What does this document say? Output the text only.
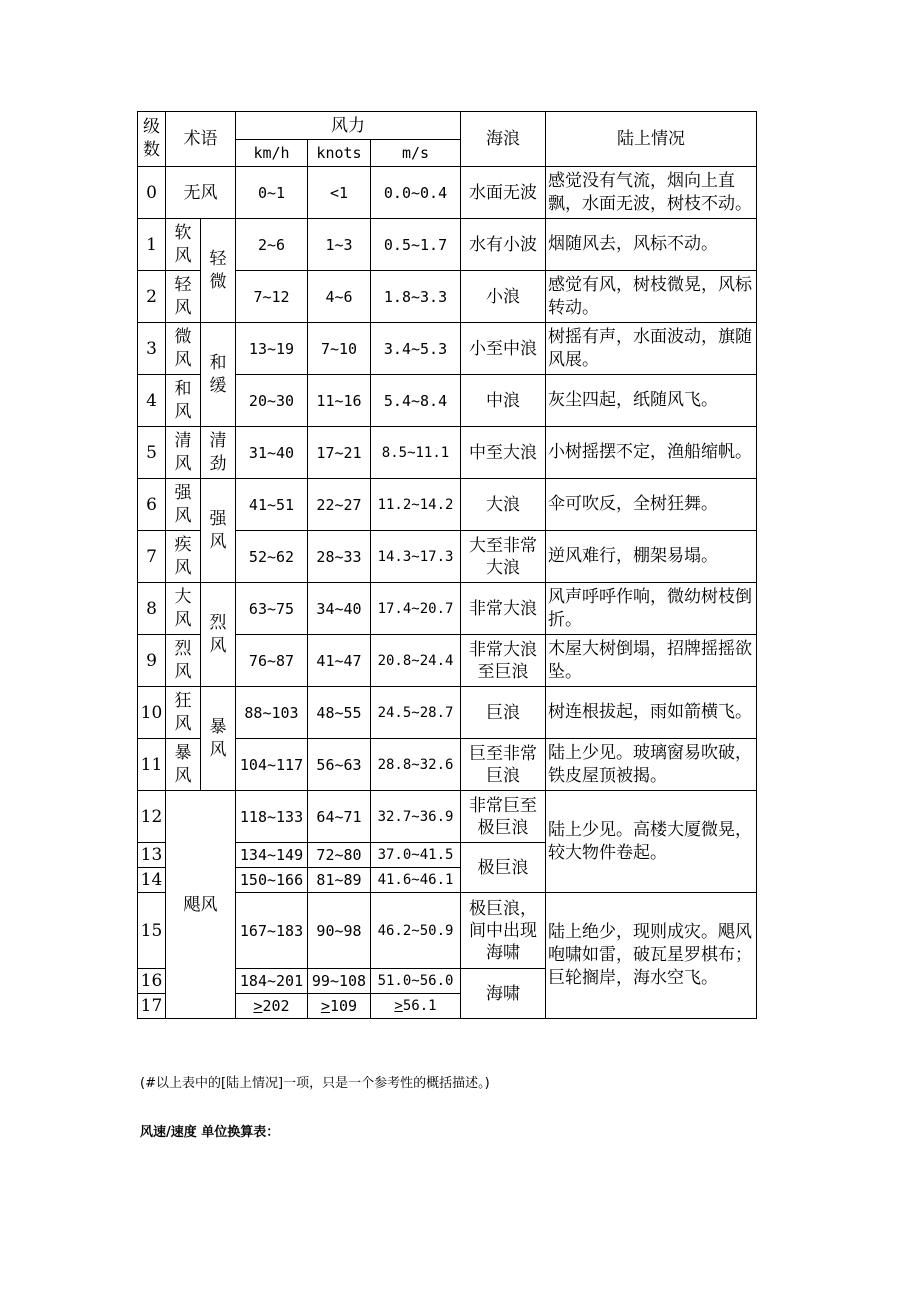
级数	术语		风力			海浪	陆上情况
			km/h	knots	m/s		
0	无风		0~1	<1	0.0~0.4	水面无波	感觉没有气流，烟向上直飘，水面无波，树枝不动。
1	软风	轻微	2~6	1~3	0.5~1.7	水有小波	烟随风去，风标不动。
2	轻风		7~12	4~6	1.8~3.3	小浪	感觉有风，树枝微晃，风标转动。
3	微风	和缓	13~19	7~10	3.4~5.3	小至中浪	树摇有声，水面波动，旗随风展。
4	和风		20~30	11~16	5.4~8.4	中浪	灰尘四起，纸随风飞。
5	清风	清劲	31~40	17~21	8.5~11.1	中至大浪	小树摇摆不定，渔船缩帆。
6	强风	强风	41~51	22~27	11.2~14.2	大浪	伞可吹反，全树狂舞。
7	疾风		52~62	28~33	14.3~17.3	大至非常大浪	逆风难行，棚架易塌。
8	大风	烈风	63~75	34~40	17.4~20.7	非常大浪	风声呼呼作响，微幼树枝倒折。
9	烈风		76~87	41~47	20.8~24.4	非常大浪至巨浪	木屋大树倒塌，招牌摇摇欲坠。
10	狂风	暴风	88~103	48~55	24.5~28.7	巨浪	树连根拔起，雨如箭横飞。
11	暴风		104~117	56~63	28.8~32.6	巨至非常巨浪	陆上少见。玻璃窗易吹破，铁皮屋顶被揭。
12	飓风		118~133	64~71	32.7~36.9	非常巨至极巨浪	陆上少见。高楼大厦微晃，较大物件卷起。
13			134~149	72~80	37.0~41.5	极巨浪	
14			150~166	81~89	41.6~46.1		
15			167~183	90~98	46.2~50.9	极巨浪，间中出现海啸	陆上绝少，现则成灾。飓风咆啸如雷，破瓦星罗棋布；巨轮搁岸，海水空飞。
16			184~201	99~108	51.0~56.0	海啸	
17			≥202	≥109	≥56.1		
(#以上表中的[陆上情况]一项，只是一个参考性的概括描述。)
风速/速度 单位换算表：
